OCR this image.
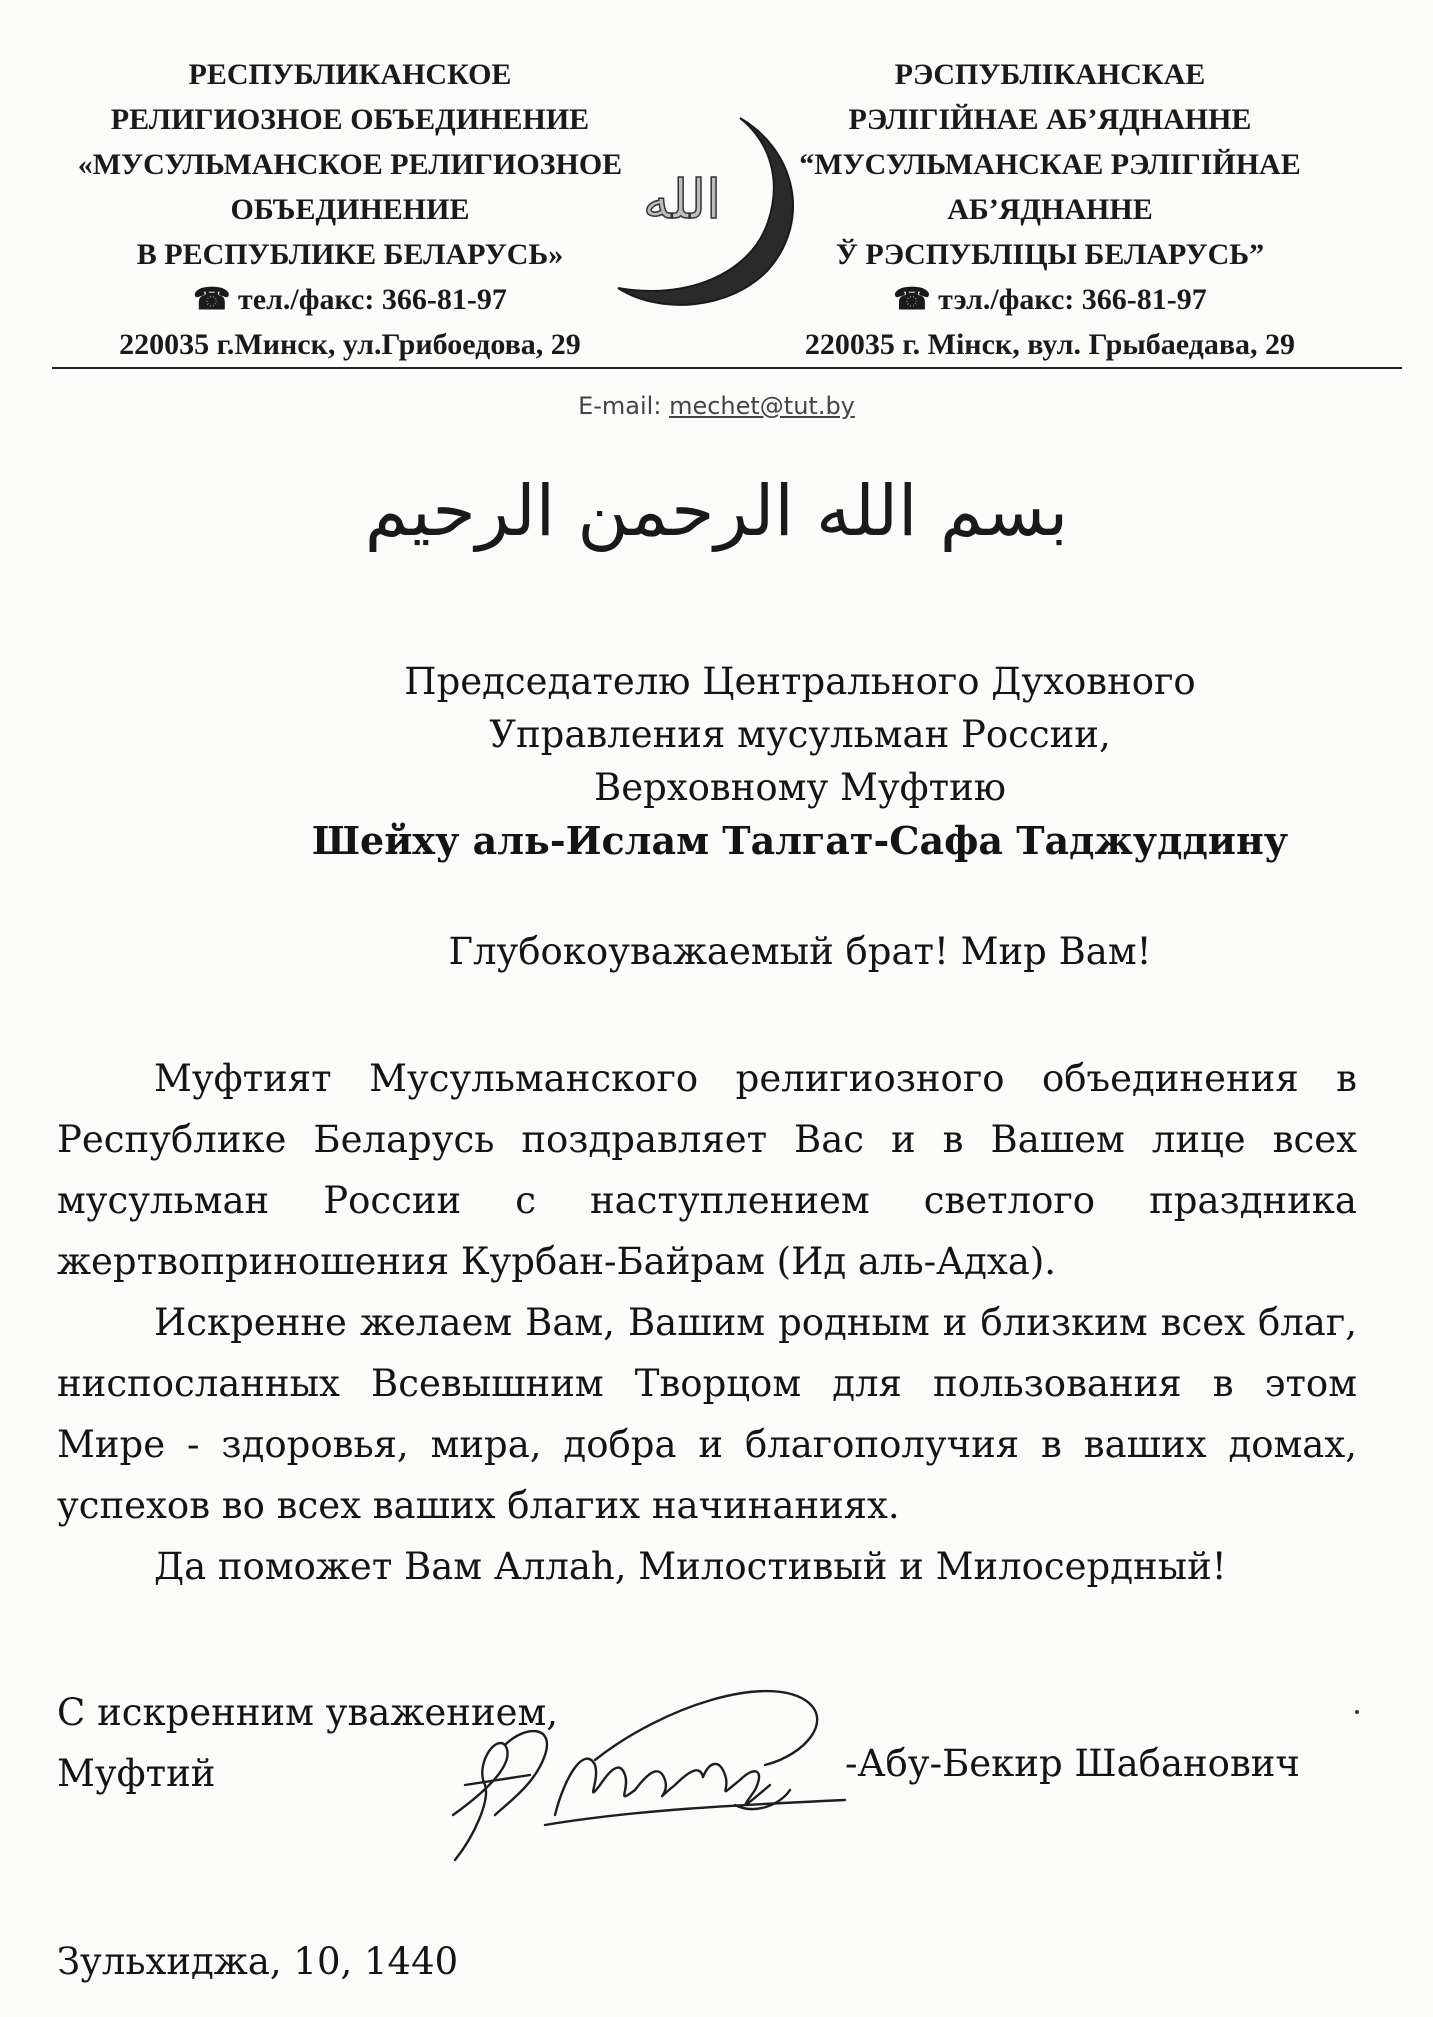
РЕСПУБЛИКАНСКОЕ
РЕЛИГИОЗНОЕ ОБЪЕДИНЕНИЕ
«МУСУЛЬМАНСКОЕ РЕЛИГИОЗНОЕ
ОБЪЕДИНЕНИЕ
В РЕСПУБЛИКЕ БЕЛАРУСЬ»
☎ тел./факс: 366-81-97
220035 г.Минск, ул.Грибоедова, 29
РЭСПУБЛІКАНСКАЕ
РЭЛІГІЙНАЕ АБ’ЯДНАННЕ
“МУСУЛЬМАНСКАЕ РЭЛІГІЙНАЕ
АБ’ЯДНАННЕ
Ў РЭСПУБЛІЦЫ БЕЛАРУСЬ”
☎ тэл./факс: 366-81-97
220035 г. Мінск, вул. Грыбаедава, 29
الله
E-mail: mechet@tut.by
بسم الله الرحمن الرحيم
Председателю Центрального Духовного
Управления мусульман России,
Верховному Муфтию
Шейху аль-Ислам Талгат-Сафа Таджуддину
Глубокоуважаемый брат! Мир Вам!

Муфтият Мусульманского религиозного объединения в Республике Беларусь поздравляет Вас и в Вашем лице всех мусульман России с наступлением светлого праздника жертвоприношения Курбан-Байрам (Ид аль-Адха).

Искренне желаем Вам, Вашим родным и близким всех благ, ниспосланных Всевышним Творцом для пользования в этом Мире - здоровья, мира, добра и благополучия в ваших домах, успехов во всех ваших благих начинаниях.

Да поможет Вам Аллаh, Милостивый и Милосердный!

С искренним уважением,
Муфтий	-Абу-Бекир Шабанович
Зульхиджа, 10, 1440
